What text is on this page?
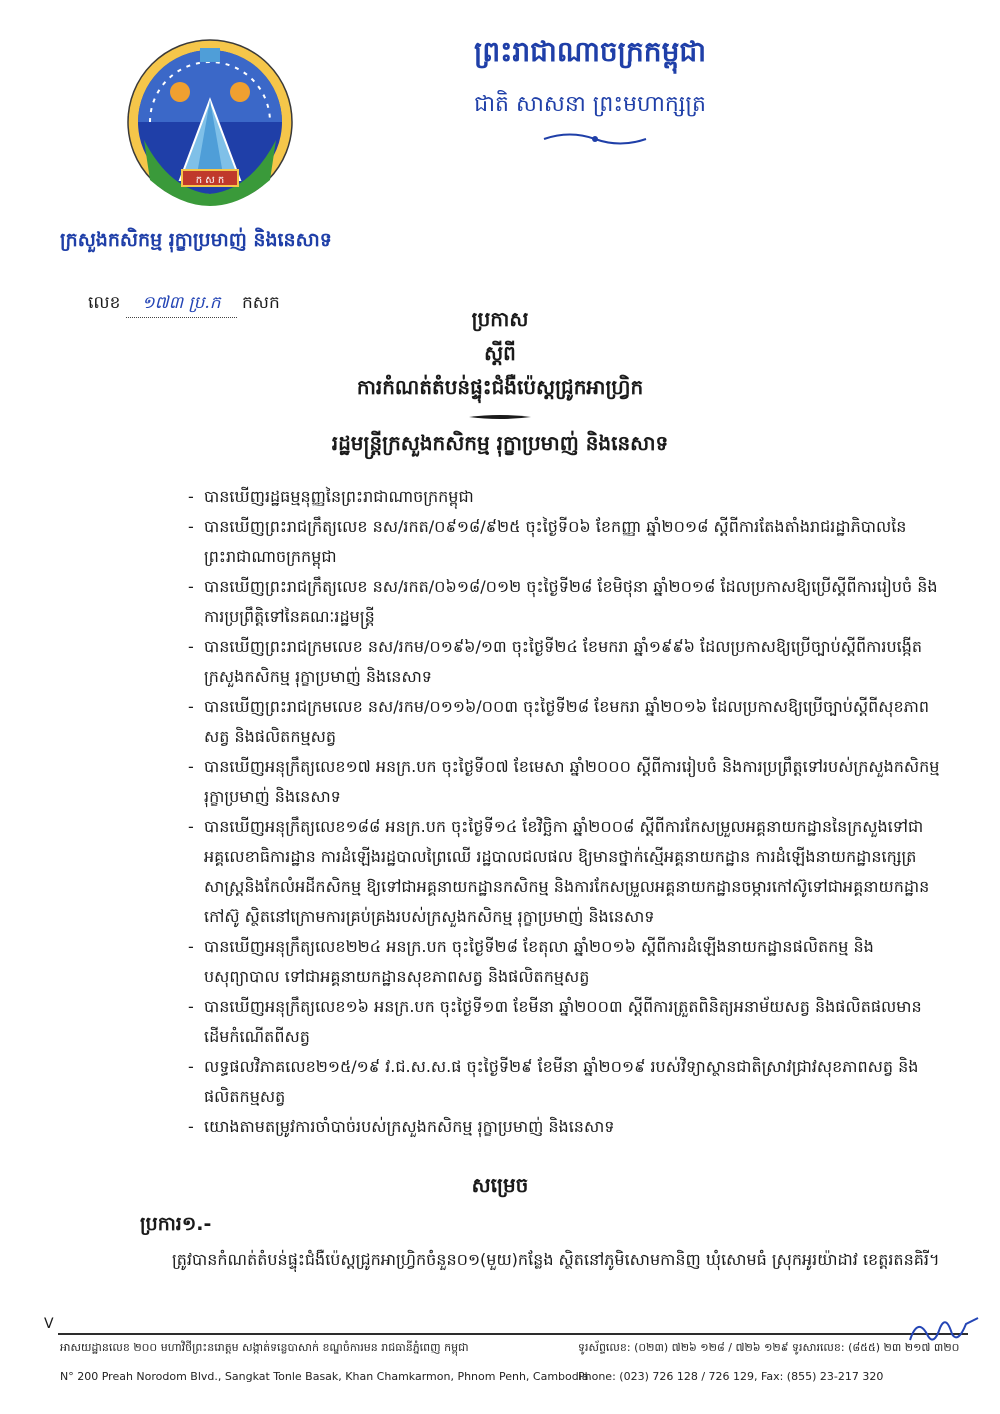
ក ស ក
ក្រសួងកសិកម្ម រុក្ខាប្រមាញ់ និងនេសាទ
ព្រះរាជាណាចក្រកម្ពុជា
ជាតិ សាសនា ព្រះមហាក្សត្រ
លេខ ១៧៣ ប្រ.ក កសក
ប្រកាស
ស្តីពី
ការកំណត់តំបន់ផ្ទុះជំងឺប៉េស្តជ្រូកអាហ្វ្រិក
រដ្ឋមន្ត្រីក្រសួងកសិកម្ម រុក្ខាប្រមាញ់ និងនេសាទ
- បានឃើញរដ្ឋធម្មនុញ្ញនៃព្រះរាជាណាចក្រកម្ពុជា
- បានឃើញព្រះរាជក្រឹត្យលេខ នស/រកត/០៩១៨/៩២៥ ចុះថ្ងៃទី០៦ ខែកញ្ញា ឆ្នាំ២០១៨ ស្តីពីការតែងតាំងរាជរដ្ឋាភិបាលនៃព្រះរាជាណាចក្រកម្ពុជា
- បានឃើញព្រះរាជក្រឹត្យលេខ នស/រកត/០៦១៨/០១២ ចុះថ្ងៃទី២៨ ខែមិថុនា ឆ្នាំ២០១៨ ដែលប្រកាសឱ្យប្រើស្តីពីការរៀបចំ និងការប្រព្រឹត្តិទៅនៃគណៈរដ្ឋមន្ត្រី
- បានឃើញព្រះរាជក្រមលេខ នស/រកម/០១៩៦/១៣ ចុះថ្ងៃទី២៤ ខែមករា ឆ្នាំ១៩៩៦ ដែលប្រកាសឱ្យប្រើច្បាប់ស្តីពីការបង្កើតក្រសួងកសិកម្ម រុក្ខាប្រមាញ់ និងនេសាទ
- បានឃើញព្រះរាជក្រមលេខ នស/រកម/០១១៦/០០៣ ចុះថ្ងៃទី២៨ ខែមករា ឆ្នាំ២០១៦ ដែលប្រកាសឱ្យប្រើច្បាប់ស្តីពីសុខភាពសត្វ និងផលិតកម្មសត្វ
- បានឃើញអនុក្រឹត្យលេខ១៧ អនក្រ.បក ចុះថ្ងៃទី០៧ ខែមេសា ឆ្នាំ២០០០ ស្តីពីការរៀបចំ និងការប្រព្រឹត្តទៅរបស់ក្រសួងកសិកម្ម រុក្ខាប្រមាញ់ និងនេសាទ
- បានឃើញអនុក្រឹត្យលេខ១៨៨ អនក្រ.បក ចុះថ្ងៃទី១៤ ខែវិច្ឆិកា ឆ្នាំ២០០៨ ស្តីពីការកែសម្រួលអគ្គនាយកដ្ឋាននៃក្រសួងទៅជាអគ្គលេខាធិការដ្ឋាន ការដំឡើងរដ្ឋបាលព្រៃឈើ រដ្ឋបាលជលផល ឱ្យមានថ្នាក់ស្មើអគ្គនាយកដ្ឋាន ការដំឡើងនាយកដ្ឋានក្សេត្រសាស្ត្រនិងកែលំអដីកសិកម្ម ឱ្យទៅជាអគ្គនាយកដ្ឋានកសិកម្ម និងការកែសម្រួលអគ្គនាយកដ្ឋានចម្ការកៅស៊ូទៅជាអគ្គនាយកដ្ឋានកៅស៊ូ ស្ថិតនៅក្រោមការគ្រប់គ្រងរបស់ក្រសួងកសិកម្ម រុក្ខាប្រមាញ់ និងនេសាទ
- បានឃើញអនុក្រឹត្យលេខ២២៤ អនក្រ.បក ចុះថ្ងៃទី២៨ ខែតុលា ឆ្នាំ២០១៦ ស្តីពីការដំឡើងនាយកដ្ឋានផលិតកម្ម និងបសុព្យាបាល ទៅជាអគ្គនាយកដ្ឋានសុខភាពសត្វ និងផលិតកម្មសត្វ
- បានឃើញអនុក្រឹត្យលេខ១៦ អនក្រ.បក ចុះថ្ងៃទី១៣ ខែមីនា ឆ្នាំ២០០៣ ស្តីពីការត្រួតពិនិត្យអនាម័យសត្វ និងផលិតផលមានដើមកំណើតពីសត្វ
- លទ្ធផលវិភាគលេខ២១៥/១៩ វ.ជ.ស.ស.ផ ចុះថ្ងៃទី២៩ ខែមីនា ឆ្នាំ២០១៩ របស់វិទ្យាស្ថានជាតិស្រាវជ្រាវសុខភាពសត្វ និងផលិតកម្មសត្វ
- យោងតាមតម្រូវការចាំបាច់របស់ក្រសួងកសិកម្ម រុក្ខាប្រមាញ់ និងនេសាទ
សម្រេច
ប្រការ១.-
ត្រូវបានកំណត់តំបន់ផ្ទុះជំងឺប៉េស្តជ្រូកអាហ្វ្រិកចំនួន០១(មួយ)កន្លែង ស្ថិតនៅភូមិសោមកានិញ ឃុំសោមធំ ស្រុកអូរយ៉ាដាវ ខេត្តរតនគិរី។
V
អាសយដ្ឋានលេខ ២០០ មហាវិថីព្រះនរោត្តម សង្កាត់ទន្លេបាសាក់ ខណ្ឌចំការមន រាជធានីភ្នំពេញ កម្ពុជា
N° 200 Preah Norodom Blvd., Sangkat Tonle Basak, Khan Chamkarmon, Phnom Penh, Cambodia
ទូរស័ព្ទលេខ: (០២៣) ៧២៦ ១២៨ / ៧២៦ ១២៩ ទូរសារលេខ: (៨៥៥) ២៣ ២១៧ ៣២០
Phone: (023) 726 128 / 726 129, Fax: (855) 23-217 320
